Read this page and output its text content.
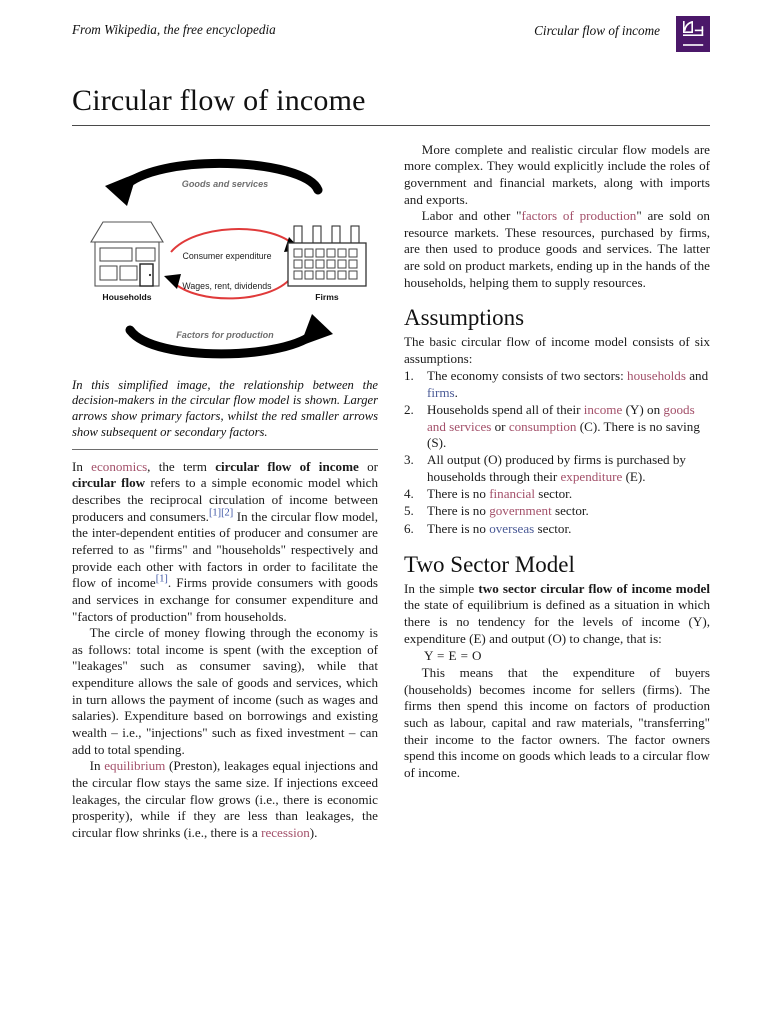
From Wikipedia, the free encyclopedia	Circular flow of income
Circular flow of income
Households	Firms
Goods and services
Consumer expenditure
Wages, rent, dividends
Factors for production

In this simplified image, the relationship between the decision-makers in the circular flow model is shown. Larger arrows show primary factors, whilst the red smaller arrows show subsequent or secondary factors.

In economics, the term circular flow of income or circular flow refers to a simple economic model which describes the reciprocal circulation of income between producers and consumers.[1][2] In the circular flow model, the inter-dependent entities of producer and consumer are referred to as "firms" and "households" respectively and provide each other with factors in order to facilitate the flow of income[1]. Firms provide consumers with goods and services in exchange for consumer expenditure and "factors of production" from households.

The circle of money flowing through the economy is as follows: total income is spent (with the exception of "leakages" such as consumer saving), while that expenditure allows the sale of goods and services, which in turn allows the payment of income (such as wages and salaries). Expenditure based on borrowings and existing wealth – i.e., "injections" such as fixed investment – can add to total spending.

In equilibrium (Preston), leakages equal injections and the circular flow stays the same size. If injections exceed leakages, the circular flow grows (i.e., there is economic prosperity), while if they are less than leakages, the circular flow shrinks (i.e., there is a recession).

More complete and realistic circular flow models are more complex. They would explicitly include the roles of government and financial markets, along with imports and exports.

Labor and other "factors of production" are sold on resource markets. These resources, purchased by firms, are then used to produce goods and services. The latter are sold on product markets, ending up in the hands of the households, helping them to supply resources.

Assumptions

The basic circular flow of income model consists of six assumptions:

The economy consists of two sectors: households and firms.
Households spend all of their income (Y) on goods and services or consumption (C). There is no saving (S).
All output (O) produced by firms is purchased by households through their expenditure (E).
There is no financial sector.
There is no government sector.
There is no overseas sector.
Two Sector Model

In the simple two sector circular flow of income model the state of equilibrium is defined as a situation in which there is no tendency for the levels of income (Y), expenditure (E) and output (O) to change, that is:

Y = E = O

This means that the expenditure of buyers (households) becomes income for sellers (firms). The firms then spend this income on factors of production such as labour, capital and raw materials, "transferring" their income to the factor owners. The factor owners spend this income on goods which leads to a circular flow of income.
